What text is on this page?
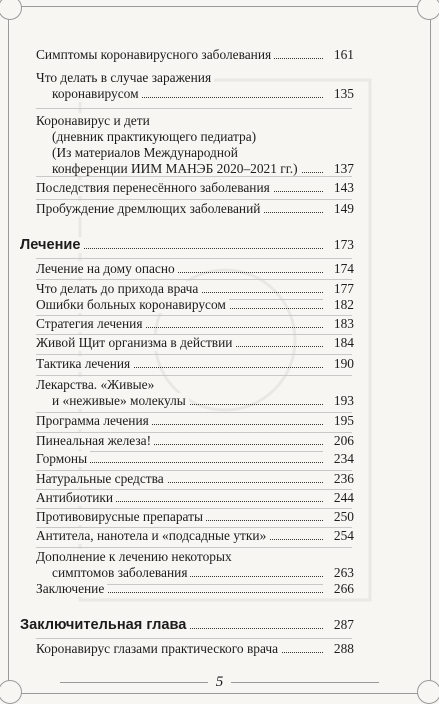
Симптомы коронавирусного заболевания	161
Что делать в случае заражения
коронавирусом	135
Коронавирус и дети
(дневник практикующего педиатра)
(Из материалов Международной
конференции ИИМ МАНЭБ 2020–2021 гг.)	137
Последствия перенесённого заболевания	143
Пробуждение дремлющих заболеваний	149
Лечение	173
Лечение на дому опасно	174
Что делать до прихода врача	177
Ошибки больных коронавирусом	182
Стратегия лечения	183
Живой Щит организма в действии	184
Тактика лечения	190
Лекарства. «Живые»
и «неживые» молекулы	193
Программа лечения	195
Пинеальная железа!	206
Гормоны	234
Натуральные средства	236
Антибиотики	244
Противовирусные препараты	250
Антитела, нанотела и «подсадные утки»	254
Дополнение к лечению некоторых
симптомов заболевания	263
Заключение	266
Заключительная глава	287
Коронавирус глазами практического врача	288
5
